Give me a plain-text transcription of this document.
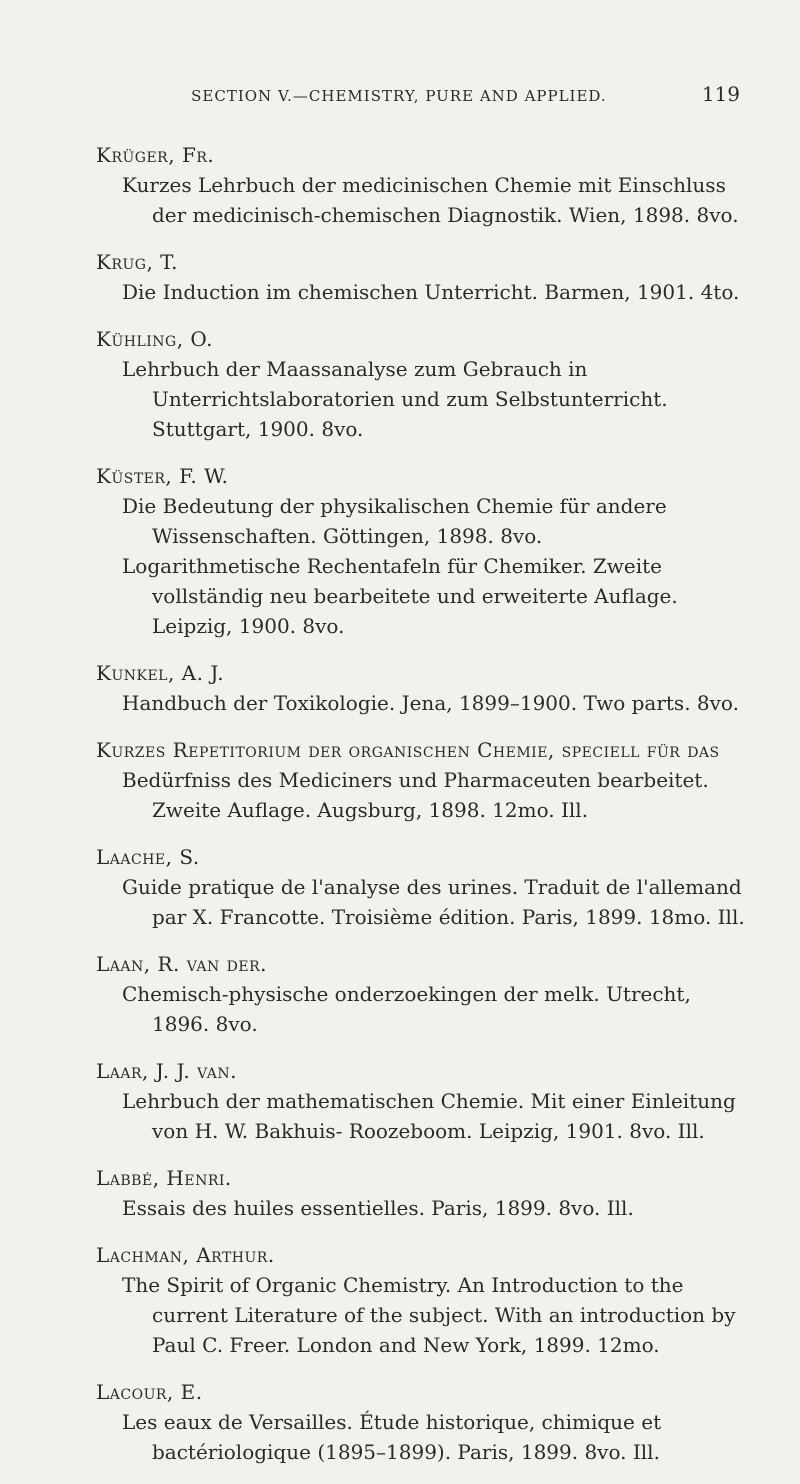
SECTION V.—CHEMISTRY, PURE AND APPLIED.	119
Krüger, Fr.

Kurzes Lehrbuch der medicinischen Chemie mit Einschluss der medicinisch-chemischen Diagnostik. Wien, 1898. 8vo.

Krug, T.

Die Induction im chemischen Unterricht. Barmen, 1901. 4to.

Kühling, O.

Lehrbuch der Maassanalyse zum Gebrauch in Unterrichtslaboratorien und zum Selbstunterricht. Stuttgart, 1900. 8vo.

Küster, F. W.

Die Bedeutung der physikalischen Chemie für andere Wissenschaften. Göttingen, 1898. 8vo.

Logarithmetische Rechentafeln für Chemiker. Zweite vollständig neu bearbeitete und erweiterte Auflage. Leipzig, 1900. 8vo.

Kunkel, A. J.

Handbuch der Toxikologie. Jena, 1899–1900. Two parts. 8vo.

Kurzes Repetitorium der organischen Chemie, speciell für das

Bedürfniss des Mediciners und Pharmaceuten bearbeitet. Zweite Auflage. Augsburg, 1898. 12mo. Ill.

Laache, S.

Guide pratique de l'analyse des urines. Traduit de l'allemand par X. Francotte. Troisième édition. Paris, 1899. 18mo. Ill.

Laan, R. van der.

Chemisch-physische onderzoekingen der melk. Utrecht, 1896. 8vo.

Laar, J. J. van.

Lehrbuch der mathematischen Chemie. Mit einer Einleitung von H. W. Bakhuis- Roozeboom. Leipzig, 1901. 8vo. Ill.

Labbé, Henri.

Essais des huiles essentielles. Paris, 1899. 8vo. Ill.

Lachman, Arthur.

The Spirit of Organic Chemistry. An Introduction to the current Literature of the subject. With an introduction by Paul C. Freer. London and New York, 1899. 12mo.

Lacour, E.

Les eaux de Versailles. Étude historique, chimique et bactériologique (1895–1899). Paris, 1899. 8vo. Ill.
